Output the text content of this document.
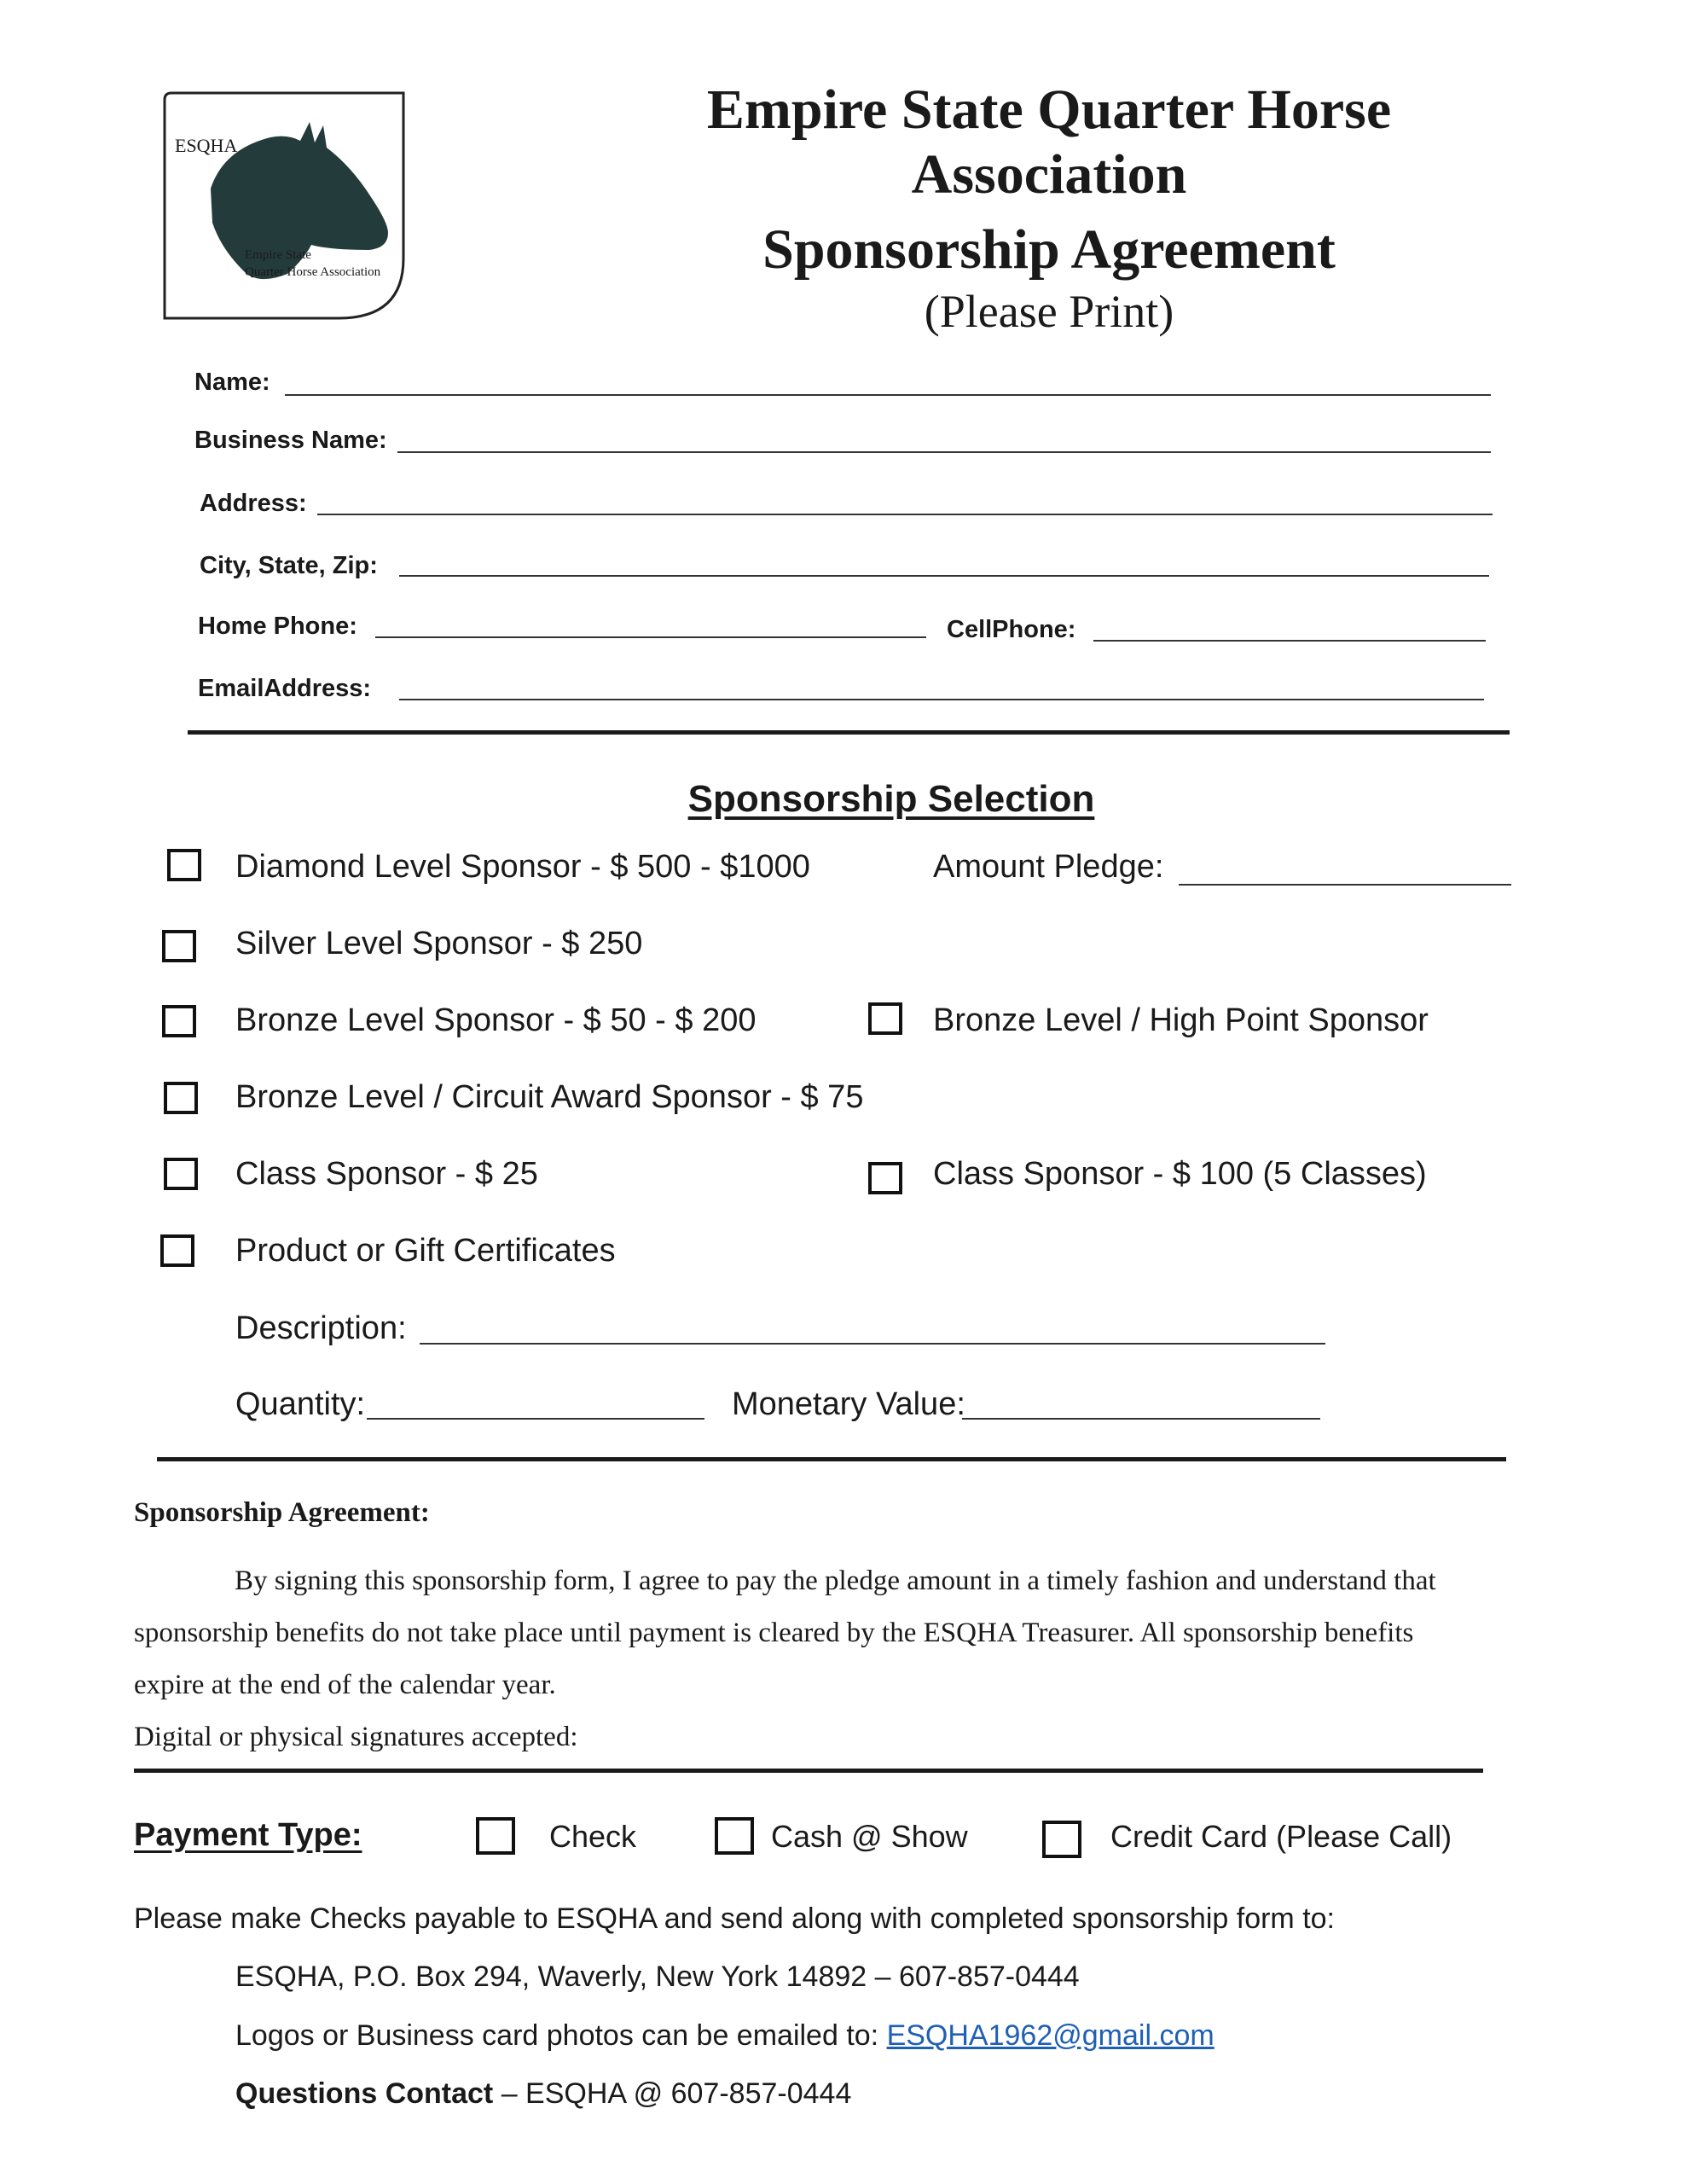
ESQHA
Empire State
Quarter Horse Association
Empire State Quarter Horse
Association
Sponsorship Agreement
(Please Print)
Name:
Business Name:
Address:
City, State, Zip:
Home Phone:	CellPhone:
EmailAddress:
Sponsorship Selection
Diamond Level Sponsor - $ 500 - $1000	Amount Pledge:
Silver Level Sponsor - $ 250
Bronze Level Sponsor - $ 50 - $ 200	Bronze Level / High Point Sponsor
Bronze Level / Circuit Award Sponsor - $ 75
Class Sponsor - $ 25	Class Sponsor - $ 100 (5 Classes)
Product or Gift Certificates
Description:
Quantity:	Monetary Value:
Sponsorship Agreement:
By signing this sponsorship form, I agree to pay the pledge amount in a timely fashion and understand that
sponsorship benefits do not take place until payment is cleared by the ESQHA Treasurer. All sponsorship benefits
expire at the end of the calendar year.
Digital or physical signatures accepted:
Payment Type:	Check	Cash @ Show	Credit Card (Please Call)
Please make Checks payable to ESQHA and send along with completed sponsorship form to:
ESQHA, P.O. Box 294, Waverly, New York 14892 – 607-857-0444
Logos or Business card photos can be emailed to: ESQHA1962@gmail.com
Questions Contact – ESQHA @ 607-857-0444
